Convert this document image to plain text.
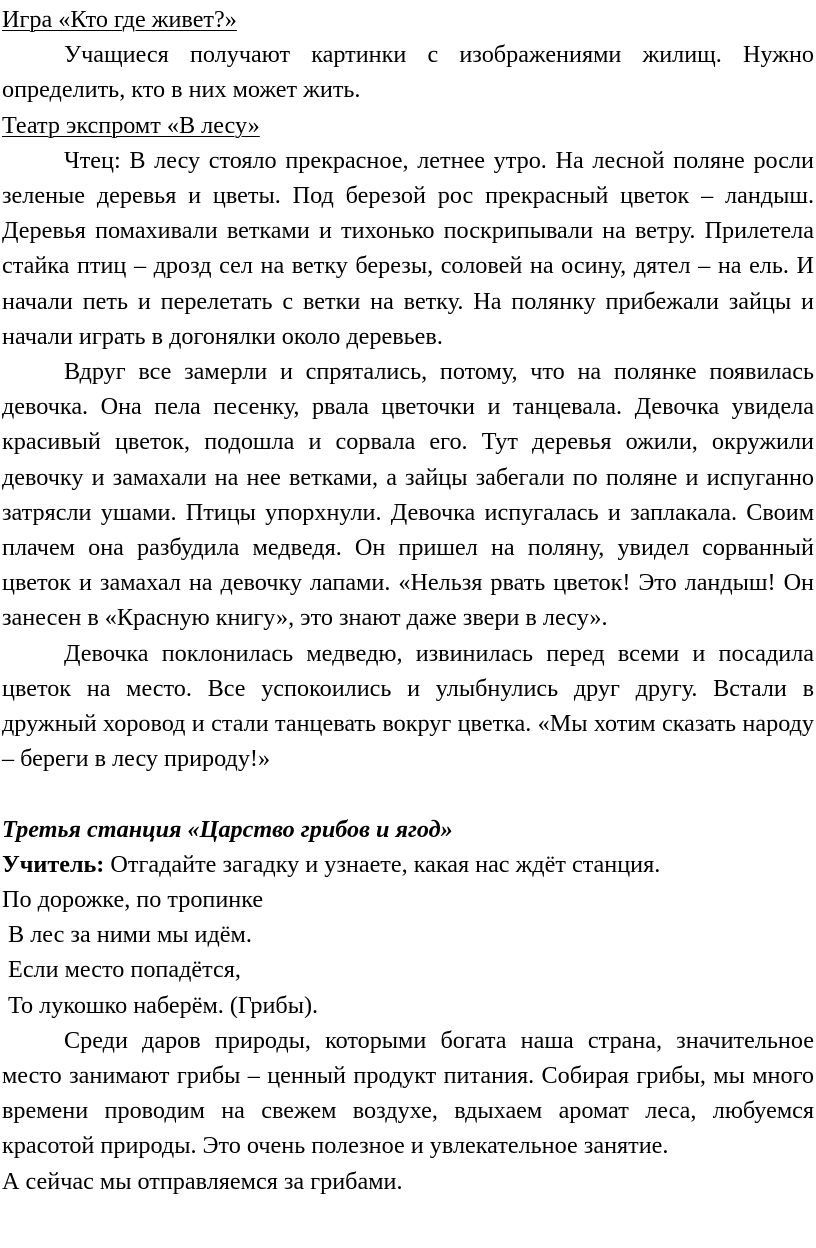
Игра «Кто где живет?»

Учащиеся получают картинки с изображениями жилищ. Нужно определить, кто в них может жить.

Театр экспромт «В лесу»

Чтец: В лесу стояло прекрасное, летнее утро. На лесной поляне росли зеленые деревья и цветы. Под березой рос прекрасный цветок – ландыш. Деревья помахивали ветками и тихонько поскрипывали на ветру. Прилетела стайка птиц – дрозд сел на ветку березы, соловей на осину, дятел – на ель. И начали петь и перелетать с ветки на ветку. На полянку прибежали зайцы и начали играть в догонялки около деревьев.

Вдруг все замерли и спрятались, потому, что на полянке появилась девочка. Она пела песенку, рвала цветочки и танцевала. Девочка увидела красивый цветок, подошла и сорвала его. Тут деревья ожили, окружили девочку и замахали на нее ветками, а зайцы забегали по поляне и испуганно затрясли ушами. Птицы упорхнули. Девочка испугалась и заплакала. Своим плачем она разбудила медведя. Он пришел на поляну, увидел сорванный цветок и замахал на девочку лапами. «Нельзя рвать цветок! Это ландыш! Он занесен в «Красную книгу», это знают даже звери в лесу».

Девочка поклонилась медведю, извинилась перед всеми и посадила цветок на место. Все успокоились и улыбнулись друг другу. Встали в дружный хоровод и стали танцевать вокруг цветка. «Мы хотим сказать народу – береги в лесу природу!»

Третья станция «Царство грибов и ягод»

Учитель: Отгадайте загадку и узнаете, какая нас ждёт станция.

По дорожке, по тропинке

В лес за ними мы идём.

Если место попадётся,

То лукошко наберём. (Грибы).

Среди даров природы, которыми богата наша страна, значительное место занимают грибы – ценный продукт питания. Собирая грибы, мы много времени проводим на свежем воздухе, вдыхаем аромат леса, любуемся красотой природы. Это очень полезное и увлекательное занятие.

А сейчас мы отправляемся за грибами.
